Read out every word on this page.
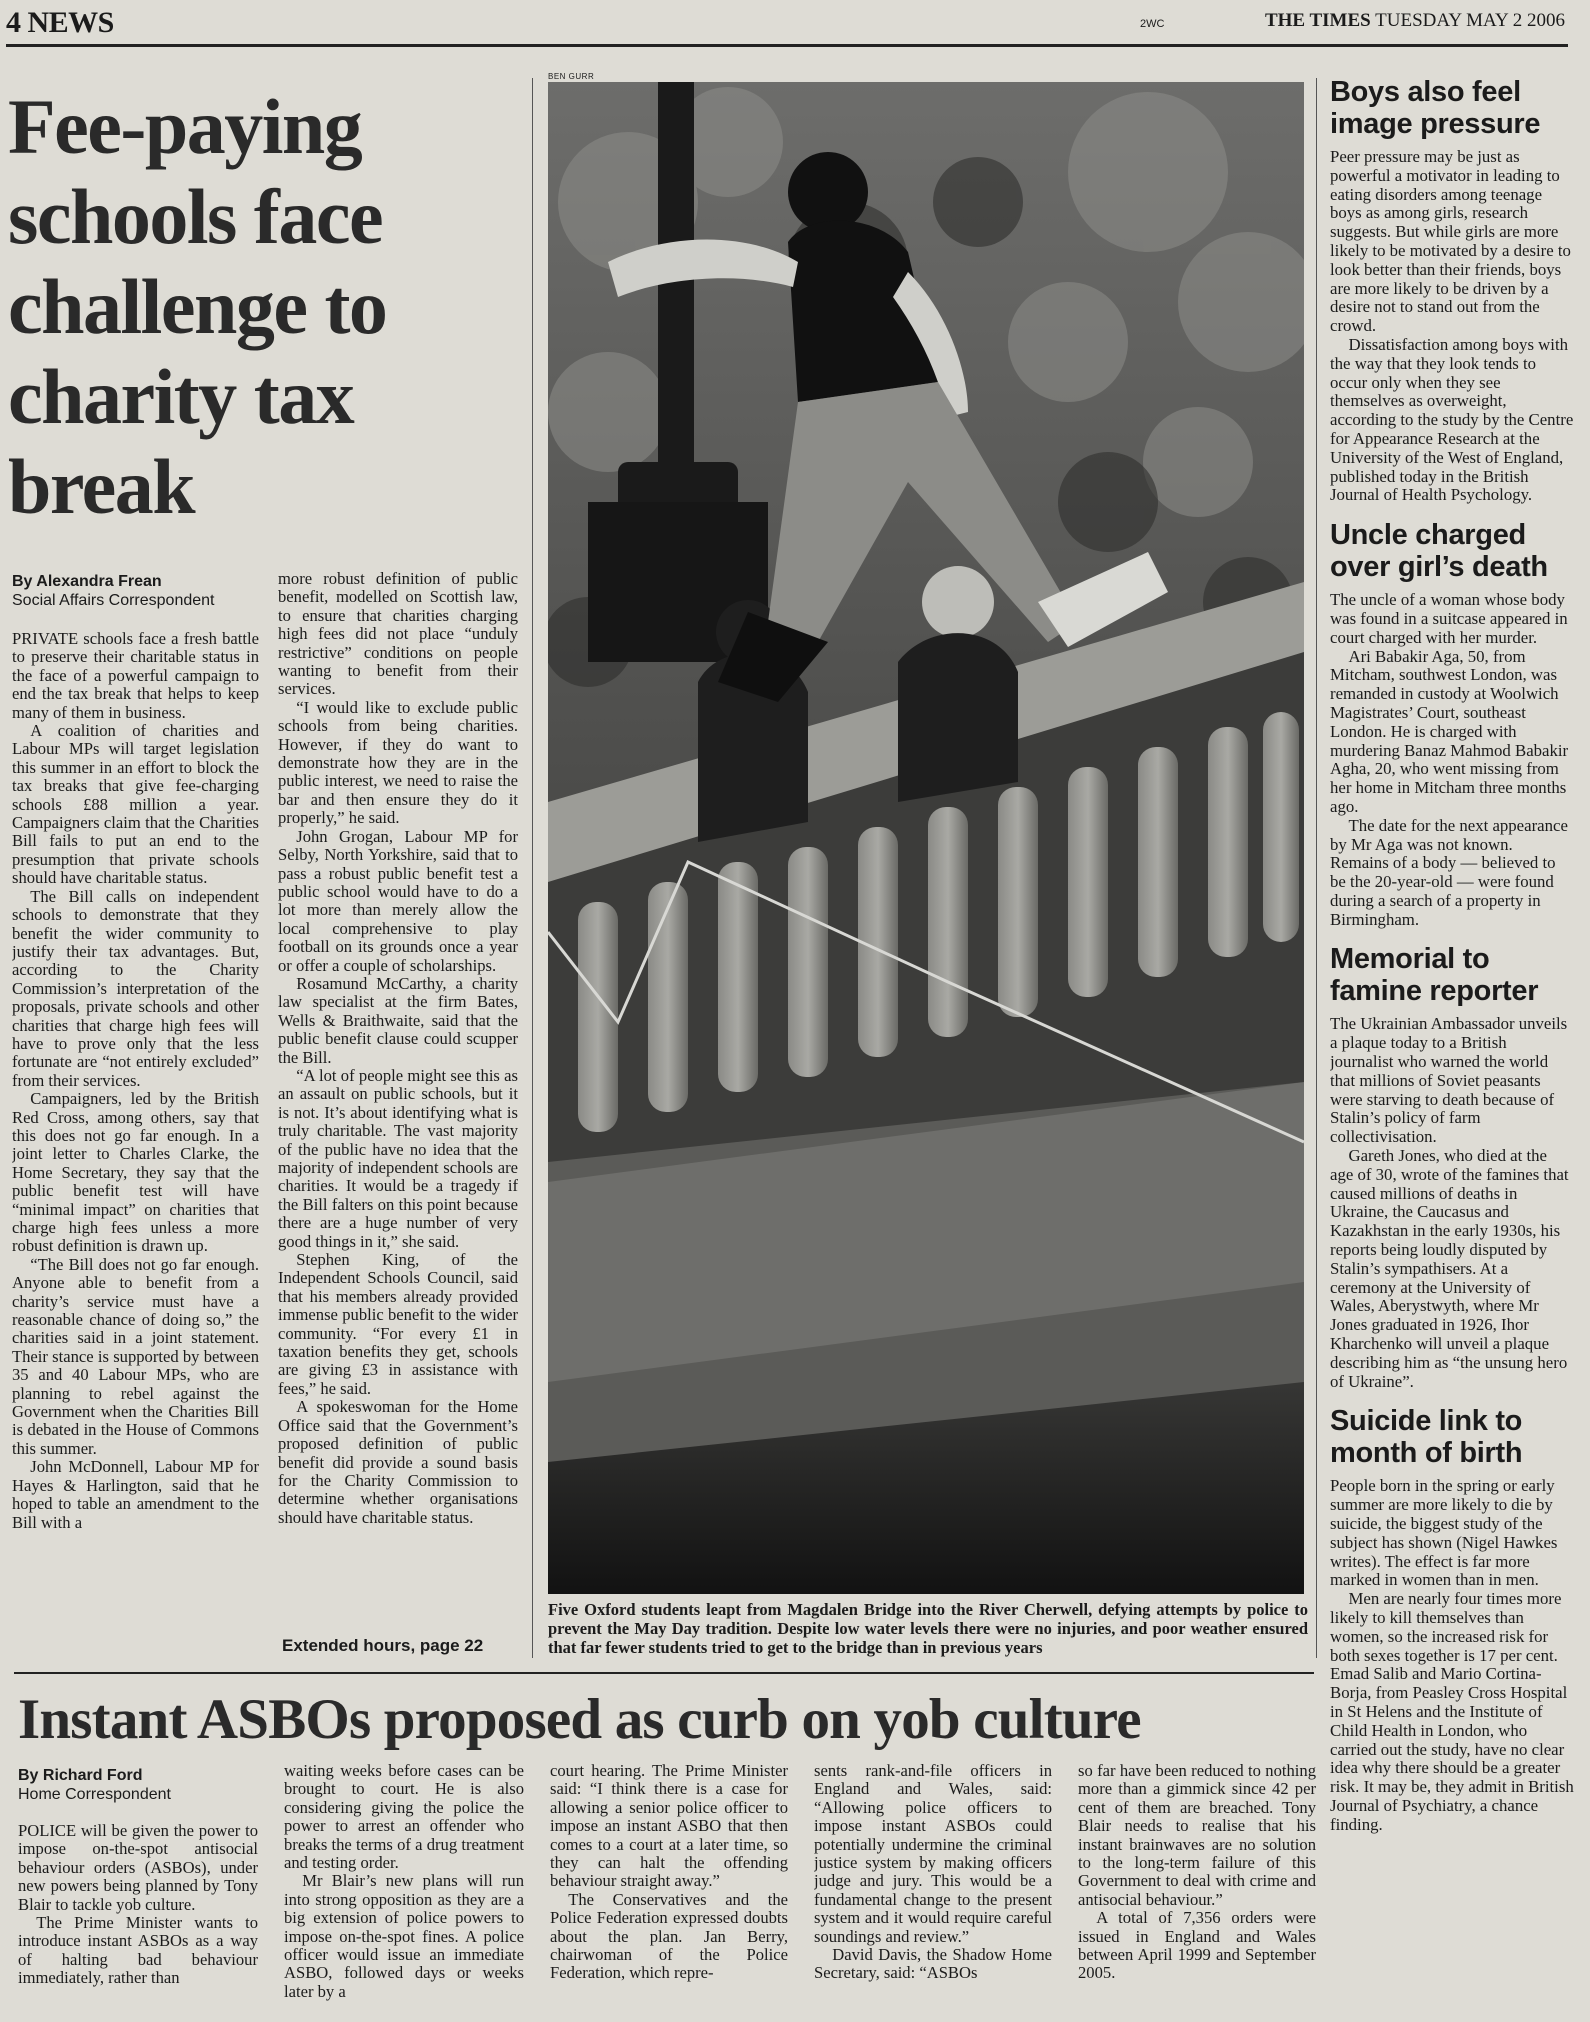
4 NEWS	2WC	THE TIMES TUESDAY MAY 2 2006
Fee-paying schools face challenge to charity tax break
By Alexandra Frean
Social Affairs Correspondent

PRIVATE schools face a fresh battle to preserve their charitable status in the face of a powerful campaign to end the tax break that helps to keep many of them in business.

A coalition of charities and Labour MPs will target legislation this summer in an effort to block the tax breaks that give fee-charging schools £88 million a year. Campaigners claim that the Charities Bill fails to put an end to the presumption that private schools should have charitable status.

The Bill calls on independent schools to demonstrate that they benefit the wider community to justify their tax advantages. But, according to the Charity Commission’s interpretation of the proposals, private schools and other charities that charge high fees will have to prove only that the less fortunate are “not entirely excluded” from their services.

Campaigners, led by the British Red Cross, among others, say that this does not go far enough. In a joint letter to Charles Clarke, the Home Secretary, they say that the public benefit test will have “minimal impact” on charities that charge high fees unless a more robust definition is drawn up.

“The Bill does not go far enough. Anyone able to benefit from a charity’s service must have a reasonable chance of doing so,” the charities said in a joint statement. Their stance is supported by between 35 and 40 Labour MPs, who are planning to rebel against the Government when the Charities Bill is debated in the House of Commons this summer.

John McDonnell, Labour MP for Hayes & Harlington, said that he hoped to table an amendment to the Bill with a

more robust definition of public benefit, modelled on Scottish law, to ensure that charities charging high fees did not place “unduly restrictive” conditions on people wanting to benefit from their services.

“I would like to exclude public schools from being charities. However, if they do want to demonstrate how they are in the public interest, we need to raise the bar and then ensure they do it properly,” he said.

John Grogan, Labour MP for Selby, North Yorkshire, said that to pass a robust public benefit test a public school would have to do a lot more than merely allow the local comprehensive to play football on its grounds once a year or offer a couple of scholarships.

Rosamund McCarthy, a charity law specialist at the firm Bates, Wells & Braithwaite, said that the public benefit clause could scupper the Bill.

“A lot of people might see this as an assault on public schools, but it is not. It’s about identifying what is truly charitable. The vast majority of the public have no idea that the majority of independent schools are charities. It would be a tragedy if the Bill falters on this point because there are a huge number of very good things in it,” she said.

Stephen King, of the Independent Schools Council, said that his members already provided immense public benefit to the wider community. “For every £1 in taxation benefits they get, schools are giving £3 in assistance with fees,” he said.

A spokeswoman for the Home Office said that the Government’s proposed definition of public benefit did provide a sound basis for the Charity Commission to determine whether organisations should have charitable status.

Extended hours, page 22
BEN GURR
Five Oxford students leapt from Magdalen Bridge into the River Cherwell, defying attempts by police to prevent the May Day tradition. Despite low water levels there were no injuries, and poor weather ensured that far fewer students tried to get to the bridge than in previous years
Boys also feel image pressure

Peer pressure may be just as powerful a motivator in leading to eating disorders among teenage boys as among girls, research suggests. But while girls are more likely to be motivated by a desire to look better than their friends, boys are more likely to be driven by a desire not to stand out from the crowd.

Dissatisfaction among boys with the way that they look tends to occur only when they see themselves as overweight, according to the study by the Centre for Appearance Research at the University of the West of England, published today in the British Journal of Health Psychology.

Uncle charged over girl’s death

The uncle of a woman whose body was found in a suitcase appeared in court charged with her murder.

Ari Babakir Aga, 50, from Mitcham, southwest London, was remanded in custody at Woolwich Magistrates’ Court, southeast London. He is charged with murdering Banaz Mahmod Babakir Agha, 20, who went missing from her home in Mitcham three months ago.

The date for the next appearance by Mr Aga was not known. Remains of a body — believed to be the 20-year-old — were found during a search of a property in Birmingham.

Memorial to famine reporter

The Ukrainian Ambassador unveils a plaque today to a British journalist who warned the world that millions of Soviet peasants were starving to death because of Stalin’s policy of farm collectivisation.

Gareth Jones, who died at the age of 30, wrote of the famines that caused millions of deaths in Ukraine, the Caucasus and Kazakhstan in the early 1930s, his reports being loudly disputed by Stalin’s sympathisers. At a ceremony at the University of Wales, Aberystwyth, where Mr Jones graduated in 1926, Ihor Kharchenko will unveil a plaque describing him as “the unsung hero of Ukraine”.

Suicide link to month of birth

People born in the spring or early summer are more likely to die by suicide, the biggest study of the subject has shown (Nigel Hawkes writes). The effect is far more marked in women than in men.

Men are nearly four times more likely to kill themselves than women, so the increased risk for both sexes together is 17 per cent. Emad Salib and Mario Cortina-Borja, from Peasley Cross Hospital in St Helens and the Institute of Child Health in London, who carried out the study, have no clear idea why there should be a greater risk. It may be, they admit in British Journal of Psychiatry, a chance finding.

Instant ASBOs proposed as curb on yob culture
By Richard Ford
Home Correspondent

POLICE will be given the power to impose on-the-spot antisocial behaviour orders (ASBOs), under new powers being planned by Tony Blair to tackle yob culture.

The Prime Minister wants to introduce instant ASBOs as a way of halting bad behaviour immediately, rather than

waiting weeks before cases can be brought to court. He is also considering giving the police the power to arrest an offender who breaks the terms of a drug treatment and testing order.

Mr Blair’s new plans will run into strong opposition as they are a big extension of police powers to impose on-the-spot fines. A police officer would issue an immediate ASBO, followed days or weeks later by a

court hearing. The Prime Minister said: “I think there is a case for allowing a senior police officer to impose an instant ASBO that then comes to a court at a later time, so they can halt the offending behaviour straight away.”

The Conservatives and the Police Federation expressed doubts about the plan. Jan Berry, chairwoman of the Police Federation, which repre-

sents rank-and-file officers in England and Wales, said: “Allowing police officers to impose instant ASBOs could potentially undermine the criminal justice system by making officers judge and jury. This would be a fundamental change to the present system and it would require careful soundings and review.”

David Davis, the Shadow Home Secretary, said: “ASBOs

so far have been reduced to nothing more than a gimmick since 42 per cent of them are breached. Tony Blair needs to realise that his instant brainwaves are no solution to the long-term failure of this Government to deal with crime and antisocial behaviour.”

A total of 7,356 orders were issued in England and Wales between April 1999 and September 2005.
